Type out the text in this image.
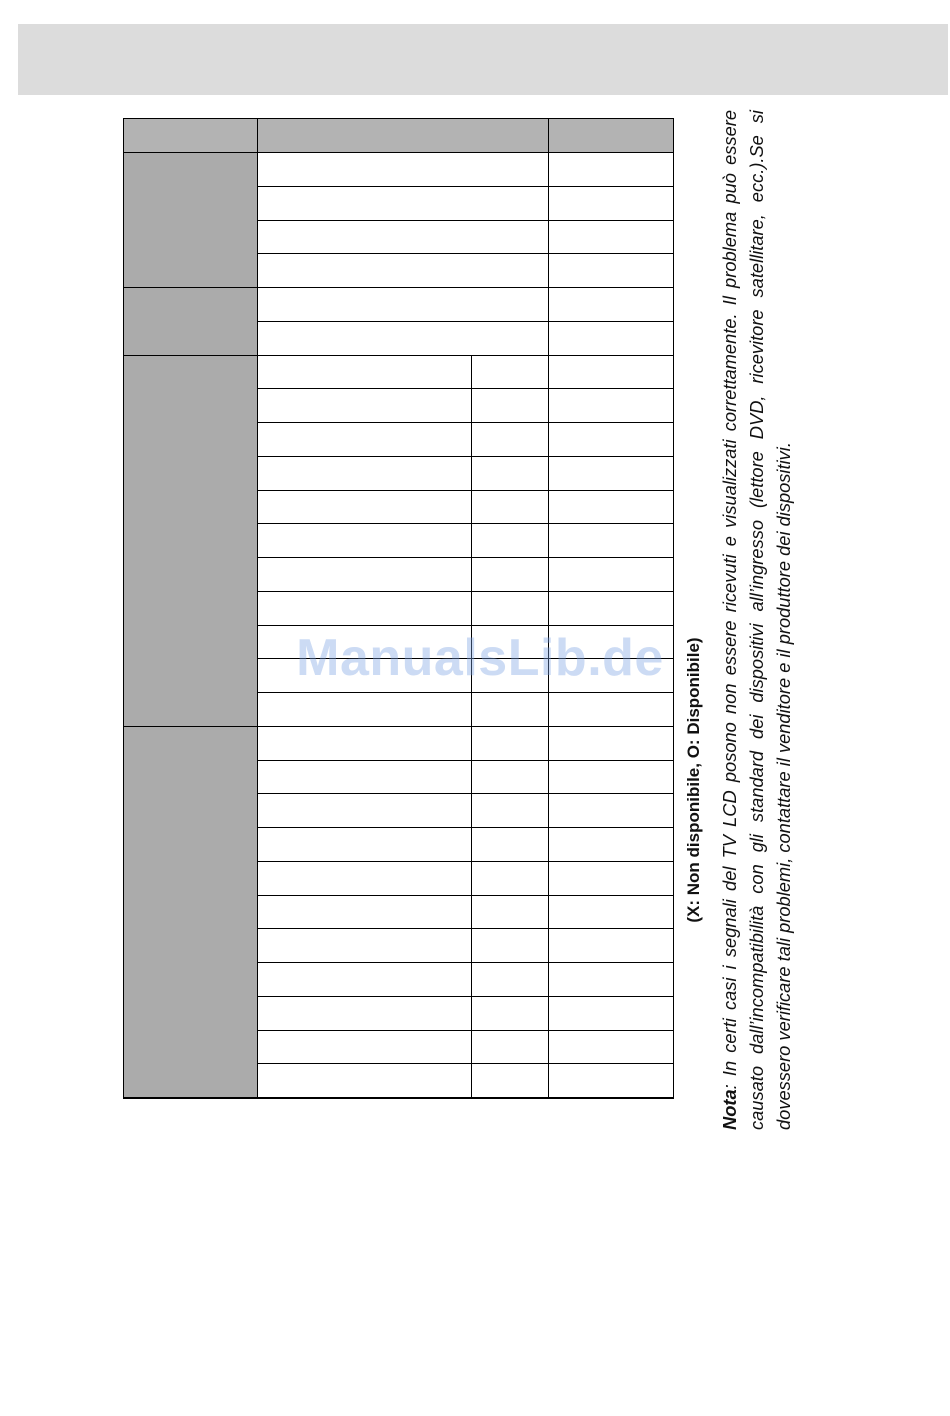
ManualsLib.de	(X: Non disponibile, O: Disponibile)
Nota: In certi casi i segnali del TV LCD posono non essere ricevuti e visualizzati correttamente. Il problema può essere causato dall’incompatibilità con gli standard dei dispositivi all’ingresso (lettore DVD, ricevitore satellitare, ecc.).Se si dovessero verificare tali problemi, contattare il venditore e il produttore dei dispositivi.
